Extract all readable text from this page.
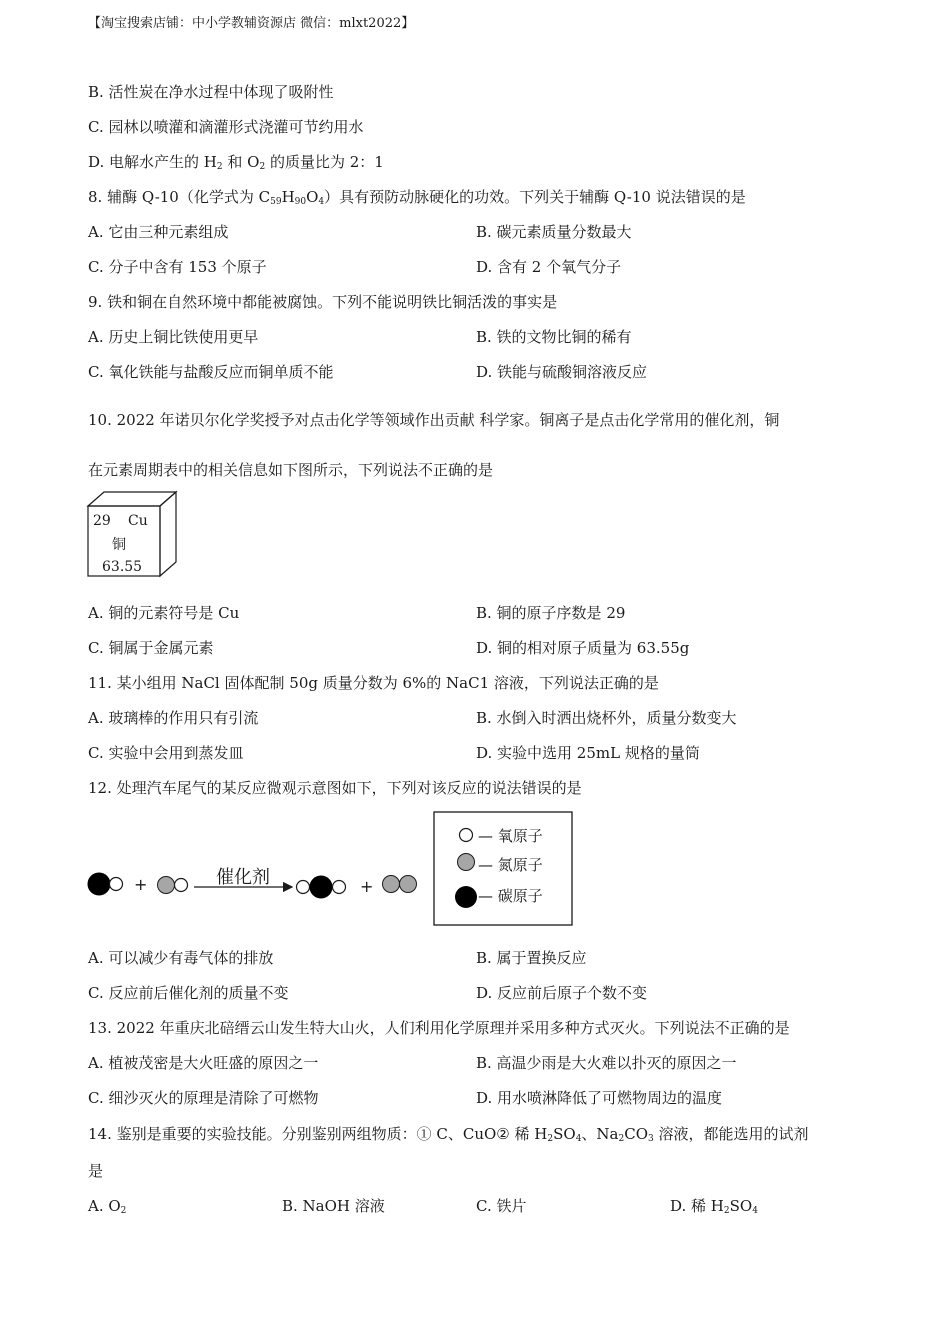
【淘宝搜索店铺：中小学教辅资源店 微信：mlxt2022】
B. 活性炭在净水过程中体现了吸附性
C. 园林以喷灌和滴灌形式浇灌可节约用水
D. 电解水产生的 $H_2$ 和 $O_2$ 的质量比为 2：1
8. 辅酶 Q-10（化学式为 $C_{59}H_{90}O_4$）具有预防动脉硬化的功效。下列关于辅酶 Q-10 说法错误的是
A. 它由三种元素组成	B. 碳元素质量分数最大
C. 分子中含有 153 个原子	D. 含有 2 个氧气分子
9. 铁和铜在自然环境中都能被腐蚀。下列不能说明铁比铜活泼的事实是
A. 历史上铜比铁使用更早	B. 铁的文物比铜的稀有
C. 氧化铁能与盐酸反应而铜单质不能	D. 铁能与硫酸铜溶液反应
10. 2022 年诺贝尔化学奖授予对点击化学等领域作出贡献 科学家。铜离子是点击化学常用的催化剂，铜
在元素周期表中的相关信息如下图所示，下列说法不正确的是
29 Cu
铜
63.55
A. 铜的元素符号是 Cu	B. 铜的原子序数是 29
C. 铜属于金属元素	D. 铜的相对原子质量为 63.55g
11. 某小组用 NaCl 固体配制 50g 质量分数为 6%的 NaC1 溶液，下列说法正确的是
A. 玻璃棒的作用只有引流	B. 水倒入时洒出烧杯外，质量分数变大
C. 实验中会用到蒸发皿	D. 实验中选用 25mL 规格的量筒
12. 处理汽车尾气的某反应微观示意图如下，下列对该反应的说法错误的是
+	催化剂	+
— 氧原子
— 氮原子
— 碳原子
A. 可以减少有毒气体的排放	B. 属于置换反应
C. 反应前后催化剂的质量不变	D. 反应前后原子个数不变
13. 2022 年重庆北碚缙云山发生特大山火，人们利用化学原理并采用多种方式灭火。下列说法不正确的是
A. 植被茂密是大火旺盛的原因之一	B. 高温少雨是大火难以扑灭的原因之一
C. 细沙灭火的原理是清除了可燃物	D. 用水喷淋降低了可燃物周边的温度
14. 鉴别是重要的实验技能。分别鉴别两组物质：① C、CuO② 稀 $H_2SO_4$、$Na_2CO_3$ 溶液，都能选用的试剂
是
A. $O_2$	B. NaOH 溶液	C. 铁片	D. 稀 $H_2SO_4$
